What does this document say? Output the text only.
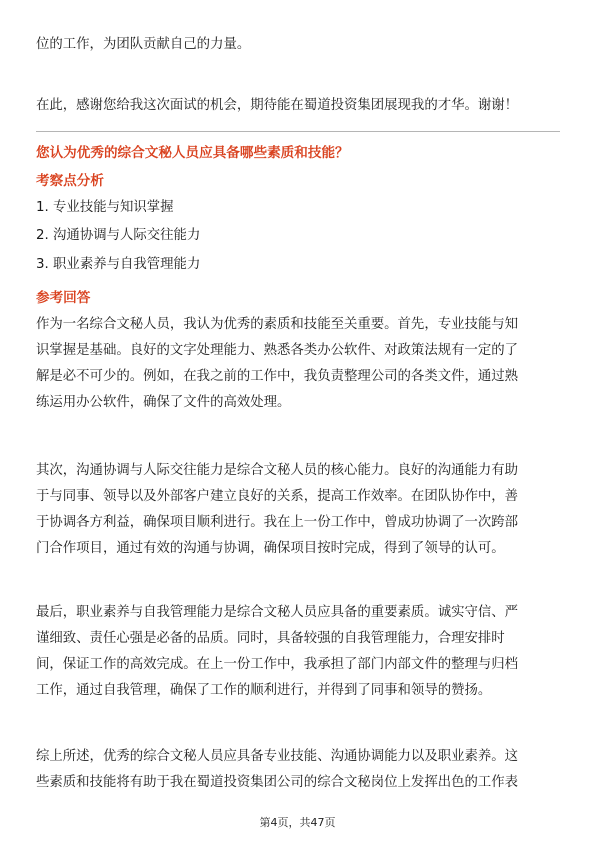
位的工作，为团队贡献自己的力量。

在此，感谢您给我这次面试的机会，期待能在蜀道投资集团展现我的才华。谢谢！

您认为优秀的综合文秘人员应具备哪些素质和技能？

考察点分析

1. 专业技能与知识掌握

2. 沟通协调与人际交往能力

3. 职业素养与自我管理能力

参考回答

作为一名综合文秘人员，我认为优秀的素质和技能至关重要。首先，专业技能与知
识掌握是基础。良好的文字处理能力、熟悉各类办公软件、对政策法规有一定的了
解是必不可少的。例如，在我之前的工作中，我负责整理公司的各类文件，通过熟
练运用办公软件，确保了文件的高效处理。
其次，沟通协调与人际交往能力是综合文秘人员的核心能力。良好的沟通能力有助
于与同事、领导以及外部客户建立良好的关系，提高工作效率。在团队协作中，善
于协调各方利益，确保项目顺利进行。我在上一份工作中，曾成功协调了一次跨部
门合作项目，通过有效的沟通与协调，确保项目按时完成，得到了领导的认可。
最后，职业素养与自我管理能力是综合文秘人员应具备的重要素质。诚实守信、严
谨细致、责任心强是必备的品质。同时，具备较强的自我管理能力，合理安排时
间，保证工作的高效完成。在上一份工作中，我承担了部门内部文件的整理与归档
工作，通过自我管理，确保了工作的顺利进行，并得到了同事和领导的赞扬。
综上所述，优秀的综合文秘人员应具备专业技能、沟通协调能力以及职业素养。这
些素质和技能将有助于我在蜀道投资集团公司的综合文秘岗位上发挥出色的工作表
第4页，共47页
